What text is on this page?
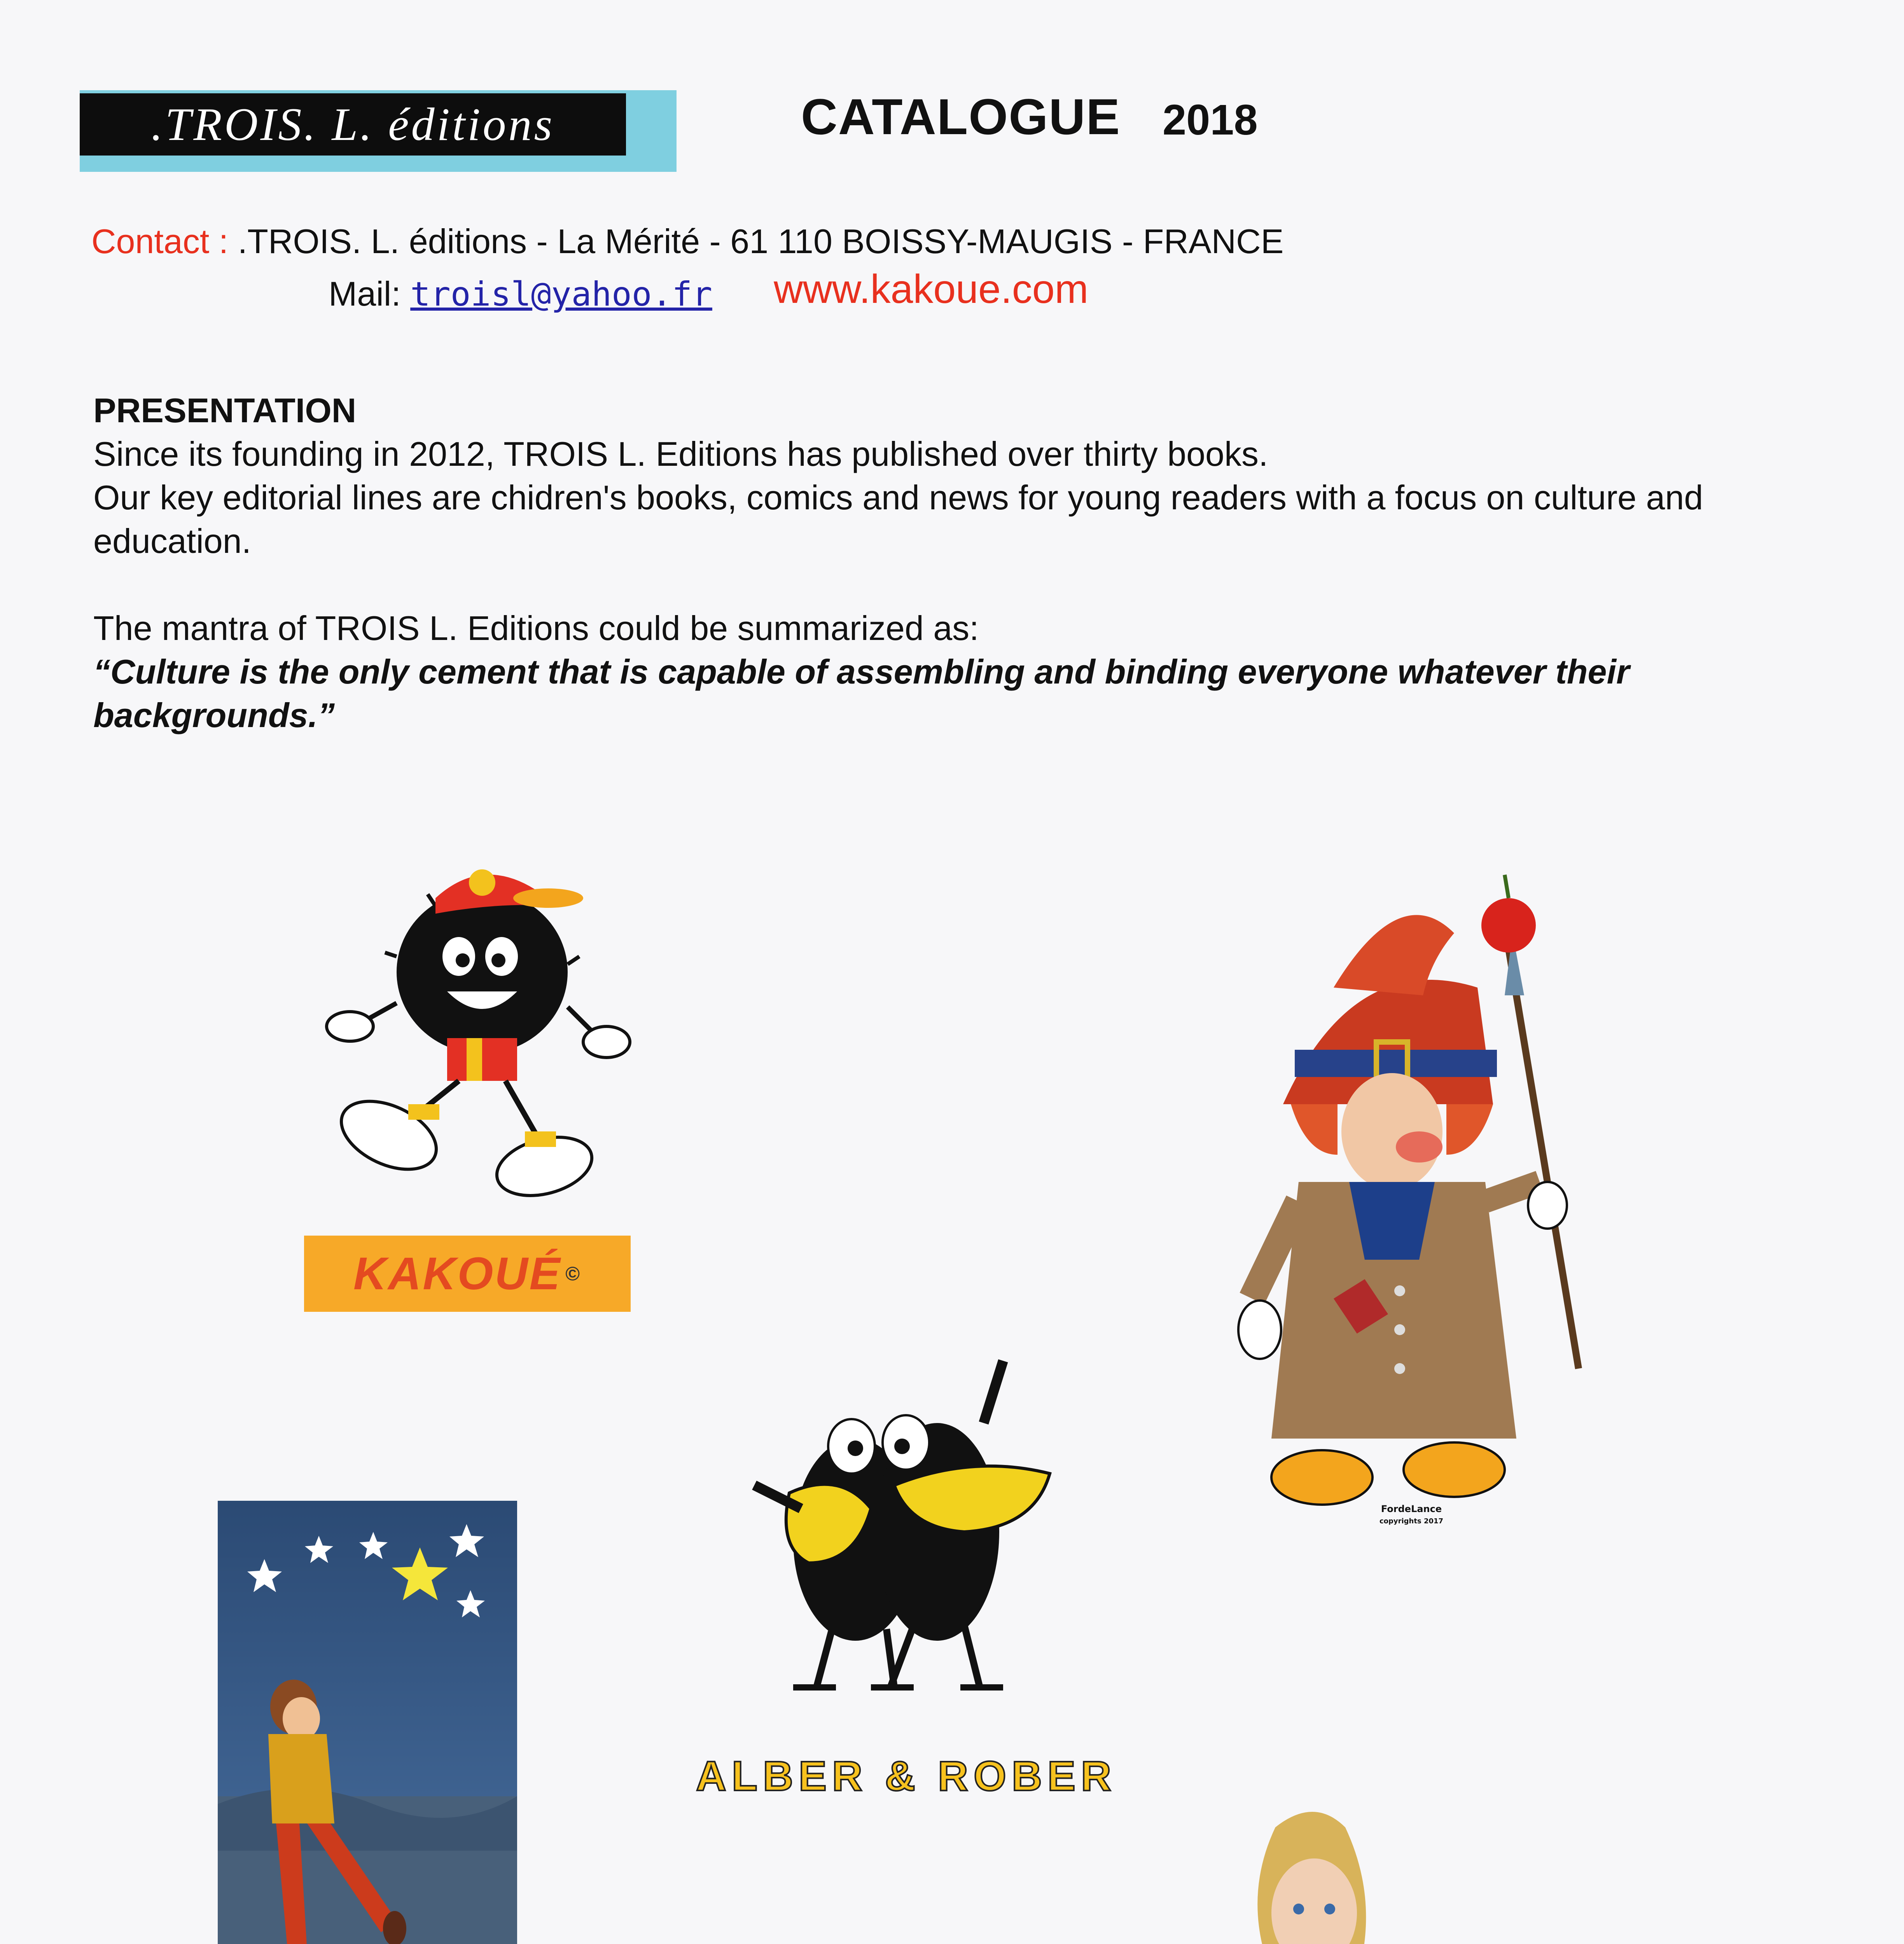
.TROIS. L. éditions	CATALOGUE 2018
Contact : .TROIS. L. éditions - La Mérité - 61 110 BOISSY-MAUGIS - FRANCE
Mail: troisl@yahoo.fr www.kakoue.com

PRESENTATION

Since its founding in 2012, TROIS L. Editions has published over thirty books.

Our key editorial lines are chidren's books, comics and news for young readers with a focus on culture and education.

The mantra of TROIS L. Editions could be summarized as:

“Culture is the only cement that is capable of assembling and binding everyone whatever their backgrounds.”

KAKOUÉ ©
FordeLance
copyrights 2017
ALBER & ROBER
